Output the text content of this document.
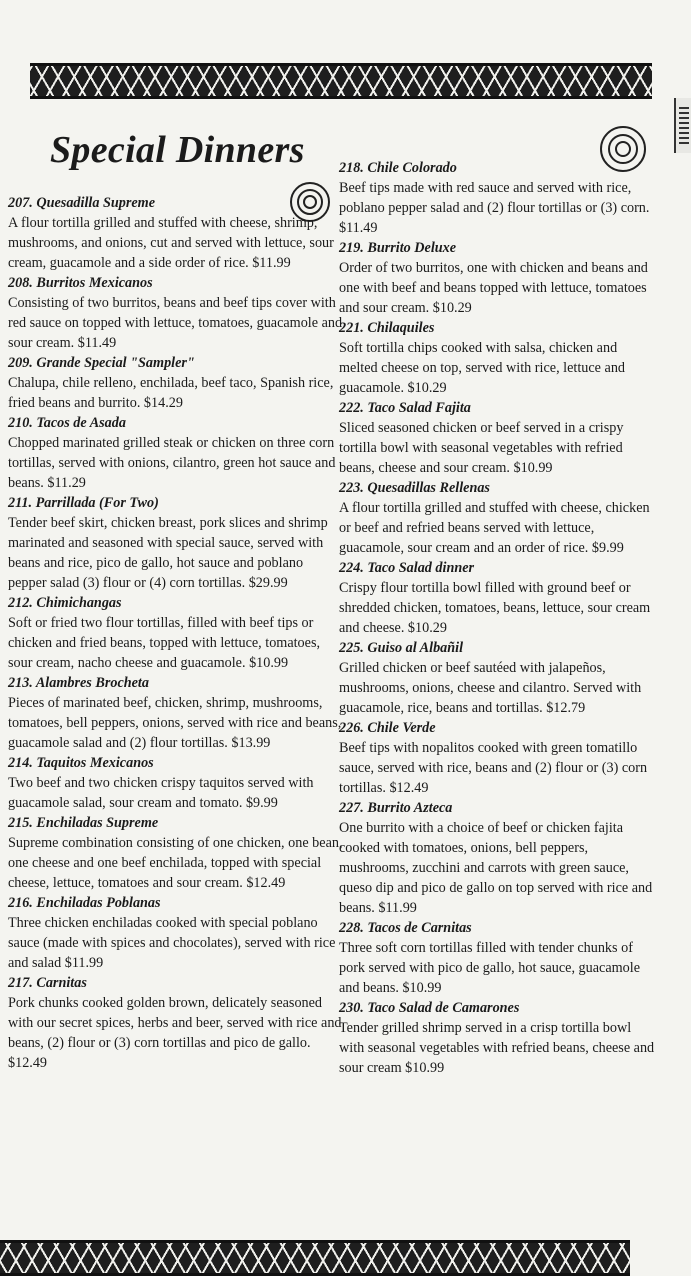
Special Dinners
207. Quesadilla Supreme
A flour tortilla grilled and stuffed with cheese, shrimp, mushrooms, and onions, cut and served with lettuce, sour cream, guacamole and a side order of rice. $11.99
208. Burritos Mexicanos
Consisting of two burritos, beans and beef tips cover with red sauce on topped with lettuce, tomatoes, guacamole and sour cream. $11.49
209. Grande Special "Sampler"
Chalupa, chile relleno, enchilada, beef taco, Spanish rice, fried beans and burrito. $14.29
210. Tacos de Asada
Chopped marinated grilled steak or chicken on three corn tortillas, served with onions, cilantro, green hot sauce and beans. $11.29
211. Parrillada (For Two)
Tender beef skirt, chicken breast, pork slices and shrimp marinated and seasoned with special sauce, served with beans and rice, pico de gallo, hot sauce and poblano pepper salad (3) flour or (4) corn tortillas. $29.99
212. Chimichangas
Soft or fried two flour tortillas, filled with beef tips or chicken and fried beans, topped with lettuce, tomatoes, sour cream, nacho cheese and guacamole. $10.99
213. Alambres Brocheta
Pieces of marinated beef, chicken, shrimp, mushrooms, tomatoes, bell peppers, onions, served with rice and beans, guacamole salad and (2) flour tortillas. $13.99
214. Taquitos Mexicanos
Two beef and two chicken crispy taquitos served with guacamole salad, sour cream and tomato. $9.99
215. Enchiladas Supreme
Supreme combination consisting of one chicken, one bean, one cheese and one beef enchilada, topped with special cheese, lettuce, tomatoes and sour cream. $12.49
216. Enchiladas Poblanas
Three chicken enchiladas cooked with special poblano sauce (made with spices and chocolates), served with rice and salad $11.99
217. Carnitas
Pork chunks cooked golden brown, delicately seasoned with our secret spices, herbs and beer, served with rice and beans, (2) flour or (3) corn tortillas and pico de gallo. $12.49
218. Chile Colorado
Beef tips made with red sauce and served with rice, poblano pepper salad and (2) flour tortillas or (3) corn. $11.49
219. Burrito Deluxe
Order of two burritos, one with chicken and beans and one with beef and beans topped with lettuce, tomatoes and sour cream. $10.29
221. Chilaquiles
Soft tortilla chips cooked with salsa, chicken and melted cheese on top, served with rice, lettuce and guacamole. $10.29
222. Taco Salad Fajita
Sliced seasoned chicken or beef served in a crispy tortilla bowl with seasonal vegetables with refried beans, cheese and sour cream. $10.99
223. Quesadillas Rellenas
A flour tortilla grilled and stuffed with cheese, chicken or beef and refried beans served with lettuce, guacamole, sour cream and an order of rice. $9.99
224. Taco Salad dinner
Crispy flour tortilla bowl filled with ground beef or shredded chicken, tomatoes, beans, lettuce, sour cream and cheese. $10.29
225. Guiso al Albañil
Grilled chicken or beef sautéed with jalapeños, mushrooms, onions, cheese and cilantro. Served with guacamole, rice, beans and tortillas. $12.79
226. Chile Verde
Beef tips with nopalitos cooked with green tomatillo sauce, served with rice, beans and (2) flour or (3) corn tortillas. $12.49
227. Burrito Azteca
One burrito with a choice of beef or chicken fajita cooked with tomatoes, onions, bell peppers, mushrooms, zucchini and carrots with green sauce, queso dip and pico de gallo on top served with rice and beans. $11.99
228. Tacos de Carnitas
Three soft corn tortillas filled with tender chunks of pork served with pico de gallo, hot sauce, guacamole and beans. $10.99
230. Taco Salad de Camarones
Tender grilled shrimp served in a crisp tortilla bowl with seasonal vegetables with refried beans, cheese and sour cream $10.99
